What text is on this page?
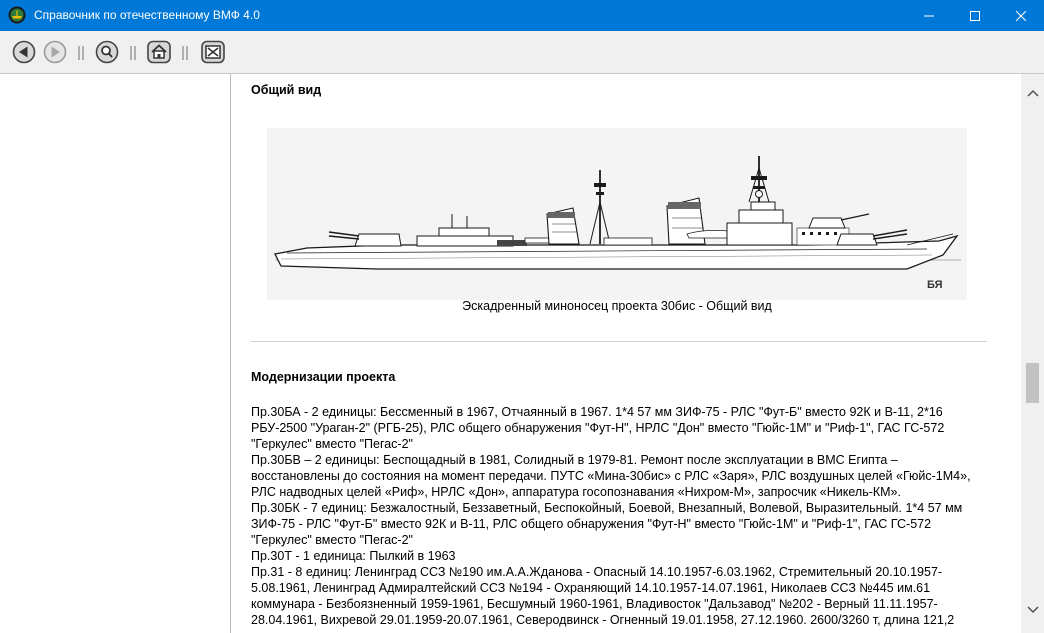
Справочник по отечественному ВМФ 4.0
Общий вид
БЯ
Эскадренный миноносец проекта 30бис - Общий вид
Модернизации проекта

Пр.30БА - 2 единицы: Бессменный в 1967, Отчаянный в 1967. 1*4 57 мм ЗИФ-75 - РЛС "Фут-Б" вместо 92К и В-11, 2*16 РБУ-2500 "Ураган-2" (РГБ-25), РЛС общего обнаружения "Фут-Н", НРЛС "Дон" вместо "Гюйс-1М" и "Риф-1", ГАС ГС-572 "Геркулес" вместо "Пегас-2"

Пр.30БВ – 2 единицы: Беспощадный в 1981, Солидный в 1979-81. Ремонт после эксплуатации в ВМС Египта – восстановлены до состояния на момент передачи. ПУТС «Мина-30бис» с РЛС «Заря», РЛС воздушных целей «Гюйс-1М4», РЛС надводных целей «Риф», НРЛС «Дон», аппаратура госопознавания «Нихром-М», запросчик «Никель-КМ».

Пр.30БК - 7 единиц: Безжалостный, Беззаветный, Беспокойный, Боевой, Внезапный, Волевой, Выразительный. 1*4 57 мм ЗИФ-75 - РЛС "Фут-Б" вместо 92К и В-11, РЛС общего обнаружения "Фут-Н" вместо "Гюйс-1М" и "Риф-1", ГАС ГС-572 "Геркулес" вместо "Пегас-2"

Пр.30Т - 1 единица: Пылкий в 1963

Пр.31 - 8 единиц: Ленинград ССЗ №190 им.А.А.Жданова - Опасный 14.10.1957-6.03.1962, Стремительный 20.10.1957-5.08.1961, Ленинград Адмиралтейский ССЗ №194 - Охраняющий 14.10.1957-14.07.1961, Николаев ССЗ №445 им.61 коммунара - Безбоязненный 1959-1961, Бесшумный 1960-1961, Владивосток "Дальзавод" №202 - Верный 11.11.1957-28.04.1961, Вихревой 29.01.1959-20.07.1961, Северодвинск - Огненный 19.01.1958, 27.12.1960. 2600/3260 т, длина 121,2
